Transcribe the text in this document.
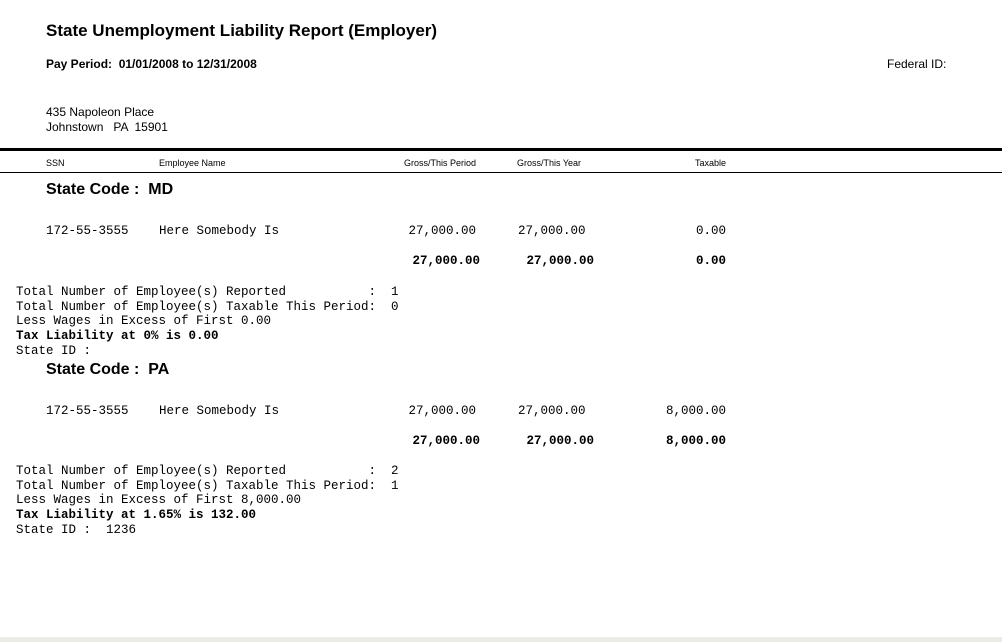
State Unemployment Liability Report (Employer)
Pay Period:  01/01/2008 to 12/31/2008	Federal ID:
435 Napoleon Place
Johnstown   PA  15901
SSN	Employee Name	Gross/This Period	Gross/This Year	Taxable
State Code :  MD
172-55-3555 Here Somebody Is	27,000.00	27,000.00	0.00
27,000.00	27,000.00	0.00
Total Number of Employee(s) Reported           :  1
Total Number of Employee(s) Taxable This Period:  0
Less Wages in Excess of First 0.00
Tax Liability at 0% is 0.00
State ID :
State Code :  PA
172-55-3555 Here Somebody Is	27,000.00	27,000.00	8,000.00
27,000.00	27,000.00	8,000.00
Total Number of Employee(s) Reported           :  2
Total Number of Employee(s) Taxable This Period:  1
Less Wages in Excess of First 8,000.00
Tax Liability at 1.65% is 132.00
State ID :  1236
